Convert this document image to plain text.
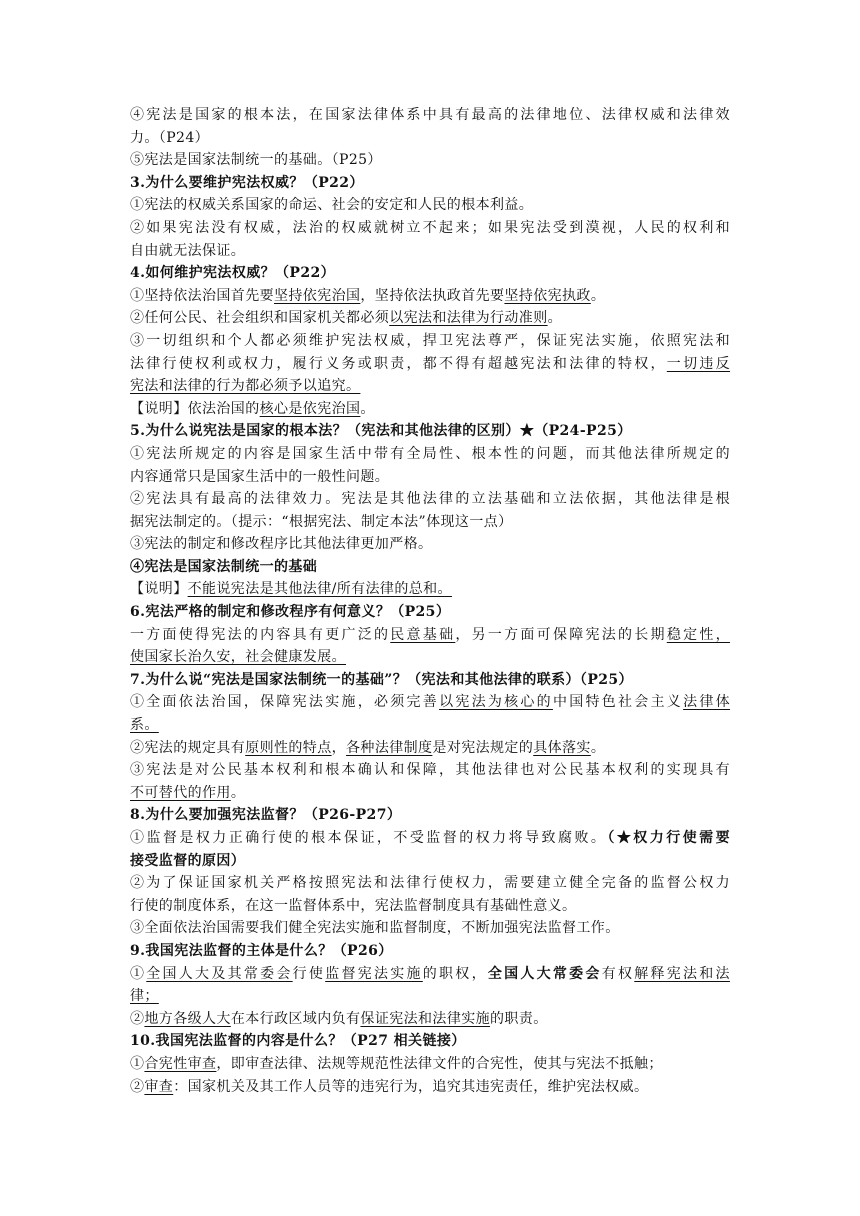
④宪法是国家的根本法，在国家法律体系中具有最高的法律地位、法律权威和法律效
力。（P24）
⑤宪法是国家法制统一的基础。（P25）
3.为什么要维护宪法权威？（P22）
①宪法的权威关系国家的命运、社会的安定和人民的根本利益。
②如果宪法没有权威，法治的权威就树立不起来；如果宪法受到漠视，人民的权利和
自由就无法保证。
4.如何维护宪法权威？（P22）
①坚持依法治国首先要坚持依宪治国，坚持依法执政首先要坚持依宪执政。
②任何公民、社会组织和国家机关都必须以宪法和法律为行动准则。
③一切组织和个人都必须维护宪法权威，捍卫宪法尊严，保证宪法实施，依照宪法和
法律行使权利或权力，履行义务或职责，都不得有超越宪法和法律的特权，一切违反
宪法和法律的行为都必须予以追究。
【说明】依法治国的核心是依宪治国。
5.为什么说宪法是国家的根本法？（宪法和其他法律的区别）★（P24-P25）
①宪法所规定的内容是国家生活中带有全局性、根本性的问题，而其他法律所规定的
内容通常只是国家生活中的一般性问题。
②宪法具有最高的法律效力。宪法是其他法律的立法基础和立法依据，其他法律是根
据宪法制定的。（提示：“根据宪法、制定本法”体现这一点）
③宪法的制定和修改程序比其他法律更加严格。
④宪法是国家法制统一的基础
【说明】不能说宪法是其他法律/所有法律的总和。
6.宪法严格的制定和修改程序有何意义？（P25）
一方面使得宪法的内容具有更广泛的民意基础，另一方面可保障宪法的长期稳定性，
使国家长治久安，社会健康发展。
7.为什么说“宪法是国家法制统一的基础”？（宪法和其他法律的联系）（P25）
①全面依法治国，保障宪法实施，必须完善以宪法为核心的中国特色社会主义法律体
系。
②宪法的规定具有原则性的特点，各种法律制度是对宪法规定的具体落实。
③宪法是对公民基本权利和根本确认和保障，其他法律也对公民基本权利的实现具有
不可替代的作用。
8.为什么要加强宪法监督？（P26-P27）
①监督是权力正确行使的根本保证，不受监督的权力将导致腐败。（★权力行使需要
接受监督的原因）
②为了保证国家机关严格按照宪法和法律行使权力，需要建立健全完备的监督公权力
行使的制度体系，在这一监督体系中，宪法监督制度具有基础性意义。
③全面依法治国需要我们健全宪法实施和监督制度，不断加强宪法监督工作。
9.我国宪法监督的主体是什么？（P26）
①全国人大及其常委会行使监督宪法实施的职权，全国人大常委会有权解释宪法和法
律；
②地方各级人大在本行政区域内负有保证宪法和法律实施的职责。
10.我国宪法监督的内容是什么？（P27 相关链接）
①合宪性审查，即审查法律、法规等规范性法律文件的合宪性，使其与宪法不抵触；
②审查：国家机关及其工作人员等的违宪行为，追究其违宪责任，维护宪法权威。
